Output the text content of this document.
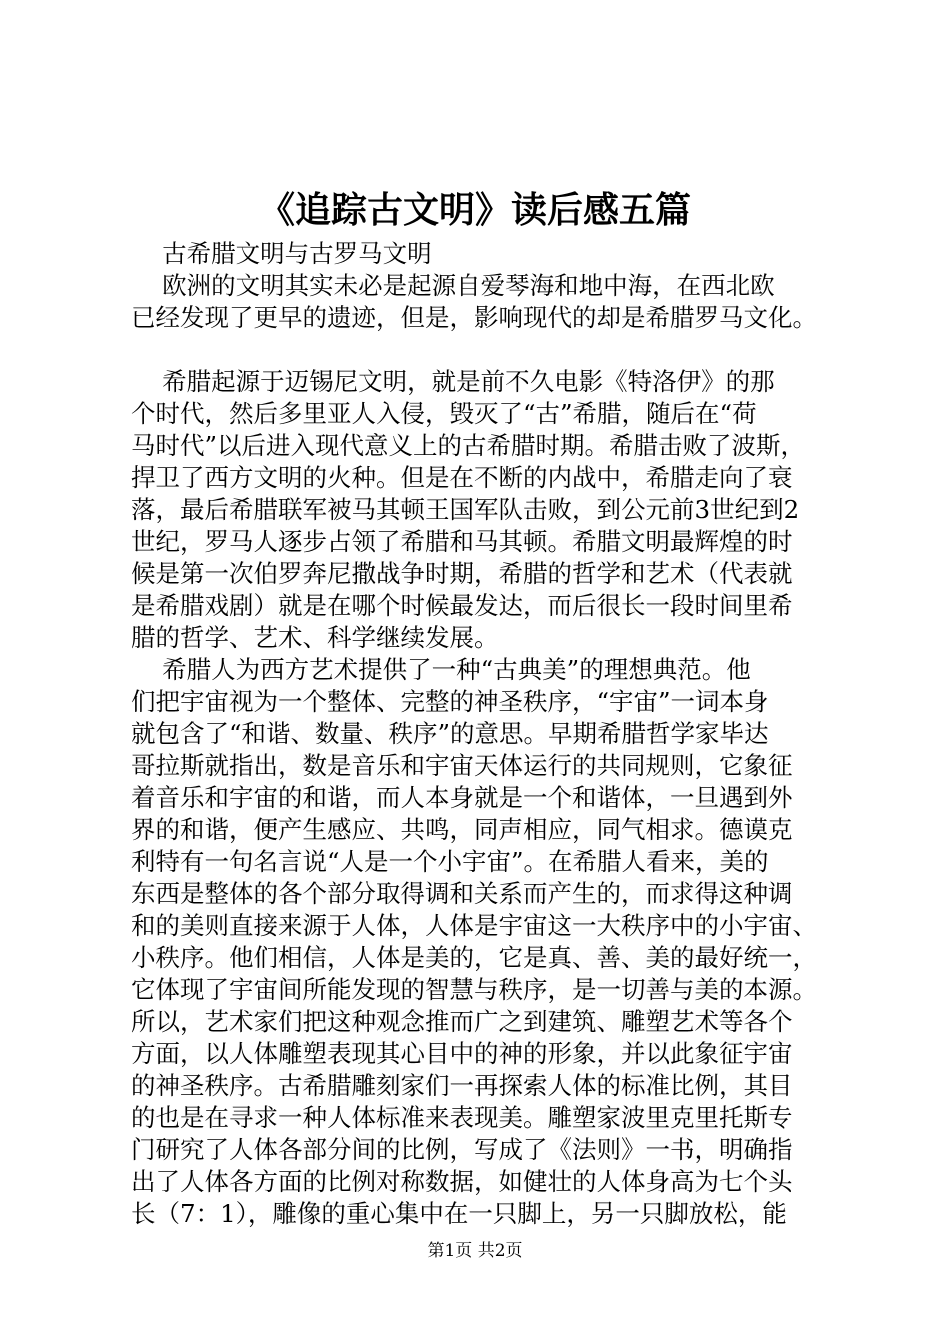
《追踪古文明》读后感五篇
古希腊文明与古罗马文明
欧洲的文明其实未必是起源自爱琴海和地中海，在西北欧
已经发现了更早的遗迹，但是，影响现代的却是希腊罗马文化。
希腊起源于迈锡尼文明，就是前不久电影《特洛伊》的那
个时代，然后多里亚人入侵，毁灭了“古”希腊，随后在“荷
马时代”以后进入现代意义上的古希腊时期。希腊击败了波斯，
捍卫了西方文明的火种。但是在不断的内战中，希腊走向了衰
落，最后希腊联军被马其顿王国军队击败，到公元前3世纪到2
世纪，罗马人逐步占领了希腊和马其顿。希腊文明最辉煌的时
候是第一次伯罗奔尼撒战争时期，希腊的哲学和艺术（代表就
是希腊戏剧）就是在哪个时候最发达，而后很长一段时间里希
腊的哲学、艺术、科学继续发展。
希腊人为西方艺术提供了一种“古典美”的理想典范。他
们把宇宙视为一个整体、完整的神圣秩序，“宇宙”一词本身
就包含了“和谐、数量、秩序”的意思。早期希腊哲学家毕达
哥拉斯就指出，数是音乐和宇宙天体运行的共同规则，它象征
着音乐和宇宙的和谐，而人本身就是一个和谐体，一旦遇到外
界的和谐，便产生感应、共鸣，同声相应，同气相求。德谟克
利特有一句名言说“人是一个小宇宙”。在希腊人看来，美的
东西是整体的各个部分取得调和关系而产生的，而求得这种调
和的美则直接来源于人体，人体是宇宙这一大秩序中的小宇宙、
小秩序。他们相信，人体是美的，它是真、善、美的最好统一，
它体现了宇宙间所能发现的智慧与秩序，是一切善与美的本源。
所以，艺术家们把这种观念推而广之到建筑、雕塑艺术等各个
方面，以人体雕塑表现其心目中的神的形象，并以此象征宇宙
的神圣秩序。古希腊雕刻家们一再探索人体的标准比例，其目
的也是在寻求一种人体标准来表现美。雕塑家波里克里托斯专
门研究了人体各部分间的比例，写成了《法则》一书，明确指
出了人体各方面的比例对称数据，如健壮的人体身高为七个头
长（7：1），雕像的重心集中在一只脚上，另一只脚放松，能
第1页 共2页
